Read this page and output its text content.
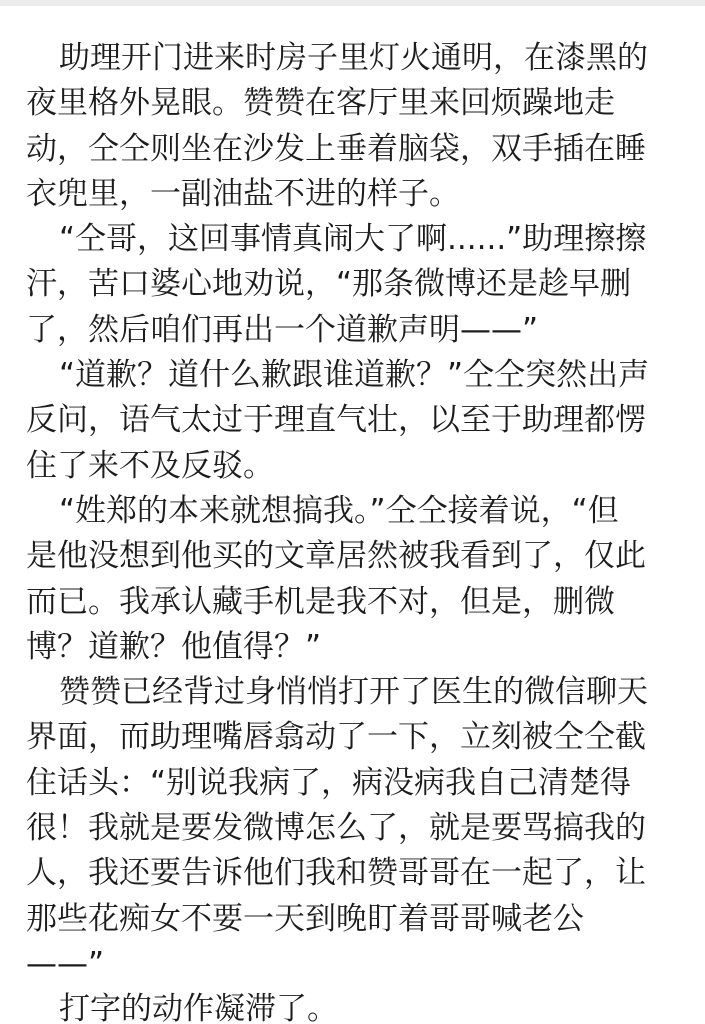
助理开门进来时房子里灯火通明，在漆黑的
夜里格外晃眼。赞赞在客厅里来回烦躁地走
动，仝仝则坐在沙发上垂着脑袋，双手插在睡
衣兜里，一副油盐不进的样子。
“仝哥，这回事情真闹大了啊......”助理擦擦
汗，苦口婆心地劝说，“那条微博还是趁早删
了，然后咱们再出一个道歉声明——”
“道歉？道什么歉跟谁道歉？”仝仝突然出声
反问，语气太过于理直气壮，以至于助理都愣
住了来不及反驳。
“姓郑的本来就想搞我。”仝仝接着说，“但
是他没想到他买的文章居然被我看到了，仅此
而已。我承认藏手机是我不对，但是，删微
博？道歉？他值得？”
赞赞已经背过身悄悄打开了医生的微信聊天
界面，而助理嘴唇翕动了一下，立刻被仝仝截
住话头：“别说我病了，病没病我自己清楚得
很！我就是要发微博怎么了，就是要骂搞我的
人，我还要告诉他们我和赞哥哥在一起了，让
那些花痴女不要一天到晚盯着哥哥喊老公
——”
打字的动作凝滞了。
